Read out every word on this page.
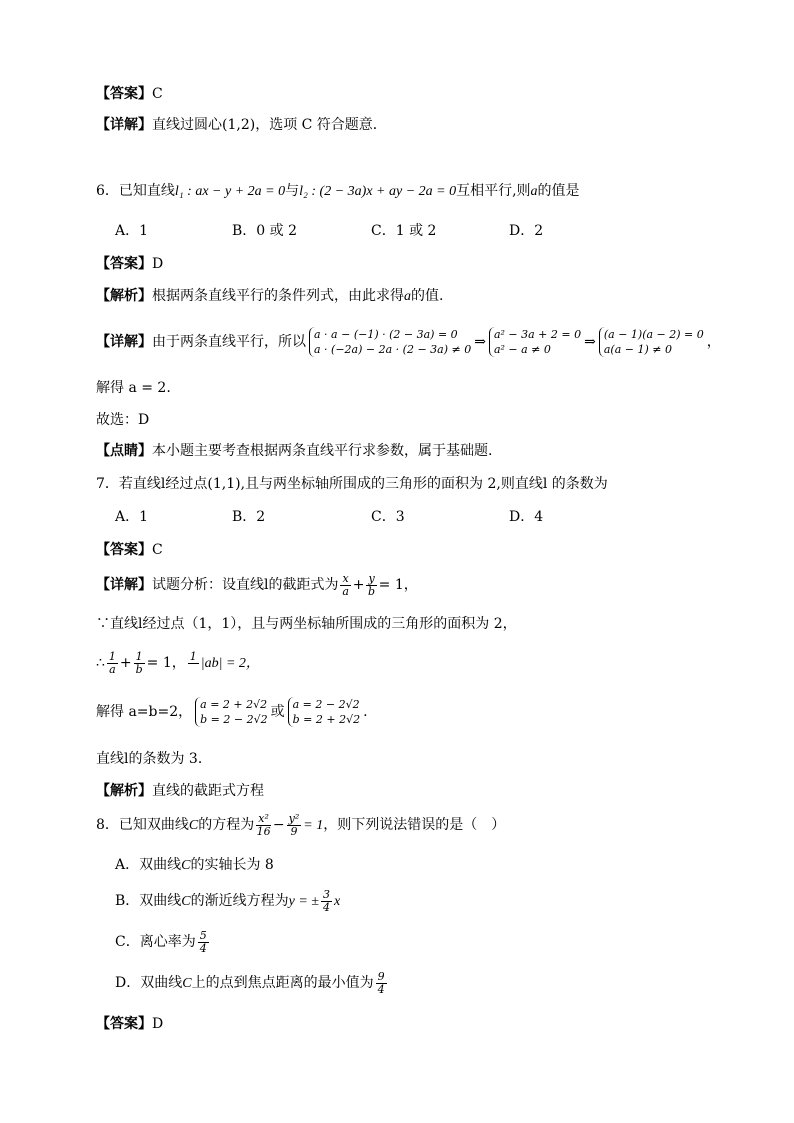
【答案】C
【详解】直线过圆心(1,2)，选项 C 符合题意．
6．已知直线l₁ : ax − y + 2a = 0与l₂ : (2 − 3a)x + ay − 2a = 0互相平行,则a的值是
A．1	B．0 或 2	C．1 或 2	D．2
【答案】D
【解析】根据两条直线平行的条件列式，由此求得a的值.
【详解】由于两条直线平行，所以 a · a − (−1) · (2 − 3a) = 0
a · (−2a) − 2a · (2 − 3a) ≠ 0 ⇒ a² − 3a + 2 = 0
a² − a ≠ 0	⇒ (a − 1)(a − 2) = 0
a(a − 1) ≠ 0	，
解得 a = 2.
故选：D
【点睛】本小题主要考查根据两条直线平行求参数，属于基础题.
7．若直线l经过点(1,1),且与两坐标轴所围成的三角形的面积为 2,则直线l 的条数为
A．1	B．2	C．3	D．4
【答案】C
【详解】试题分析：设直线l的截距式为 $\frac{x}{a} + \frac{y}{b} = 1$，
∵直线l经过点（1，1），且与两坐标轴所围成的三角形的面积为 2，
∴ $\frac{1}{a} + \frac{1}{b} = 1$， 1 |ab| = 2，
解得 a=b=2， a = 2 + 2√2
b = 2 − 2√2 或 a = 2 − 2√2
b = 2 + 2√2 .
直线l的条数为 3．
【解析】直线的截距式方程
8．已知双曲线C的方程为 $\frac{\text{x²}}{16} - \frac{\text{y²}}{9} = 1$，则下列说法错误的是（　）
A．双曲线C的实轴长为 8
B．双曲线C的渐近线方程为y = ± $\frac{3}{4}$ x
C．离心率为 $\frac{5}{4}$
D．双曲线C上的点到焦点距离的最小值为 $\frac{9}{4}$
【答案】D
